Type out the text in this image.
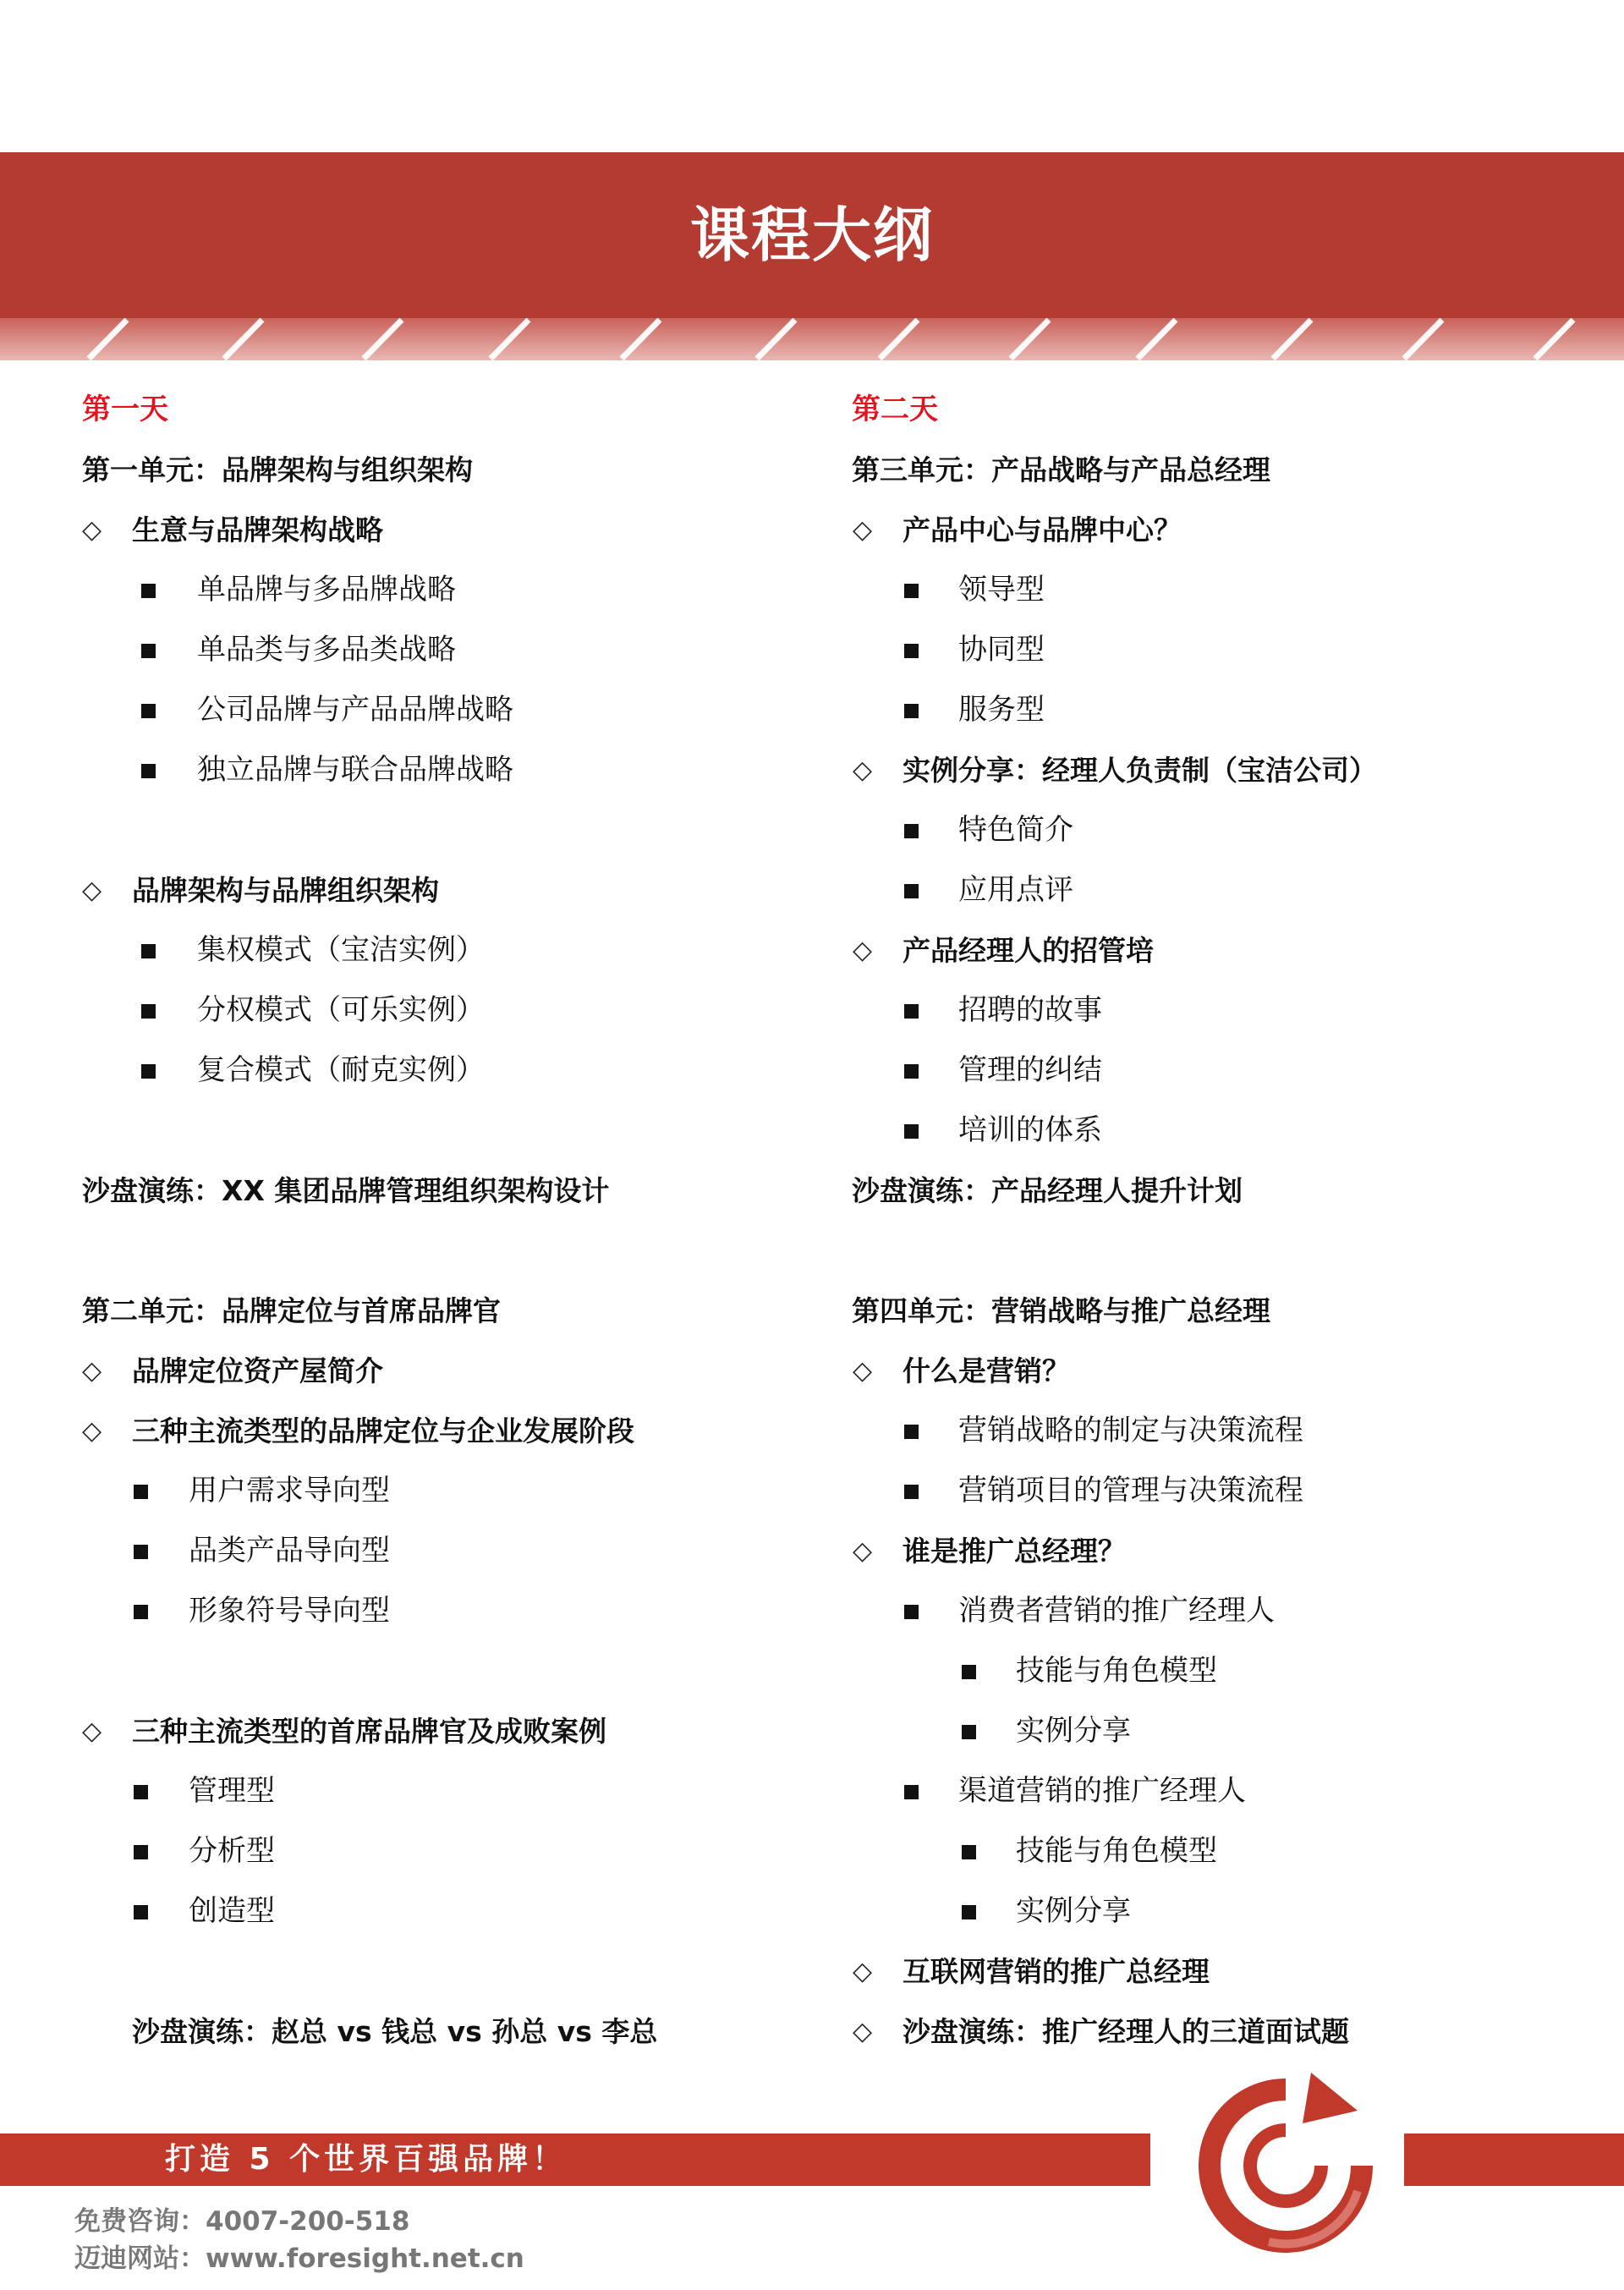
课程大纲
第一天
第一单元：品牌架构与组织架构
◇ 生意与品牌架构战略
单品牌与多品牌战略
单品类与多品类战略
公司品牌与产品品牌战略
独立品牌与联合品牌战略
◇ 品牌架构与品牌组织架构
集权模式（宝洁实例）
分权模式（可乐实例）
复合模式（耐克实例）
沙盘演练：XX 集团品牌管理组织架构设计
第二单元：品牌定位与首席品牌官
◇ 品牌定位资产屋简介
◇ 三种主流类型的品牌定位与企业发展阶段
用户需求导向型
品类产品导向型
形象符号导向型
◇ 三种主流类型的首席品牌官及成败案例
管理型
分析型
创造型
沙盘演练：赵总 vs 钱总 vs 孙总 vs 李总
第二天
第三单元：产品战略与产品总经理
◇ 产品中心与品牌中心？
领导型
协同型
服务型
◇ 实例分享：经理人负责制（宝洁公司）
特色简介
应用点评
◇ 产品经理人的招管培
招聘的故事
管理的纠结
培训的体系
沙盘演练：产品经理人提升计划
第四单元：营销战略与推广总经理
◇ 什么是营销？
营销战略的制定与决策流程
营销项目的管理与决策流程
◇ 谁是推广总经理？
消费者营销的推广经理人
技能与角色模型
实例分享
渠道营销的推广经理人
技能与角色模型
实例分享
◇ 互联网营销的推广总经理
◇ 沙盘演练：推广经理人的三道面试题
打造 5 个世界百强品牌！
免费咨询：4007-200-518
迈迪网站：www.foresight.net.cn
